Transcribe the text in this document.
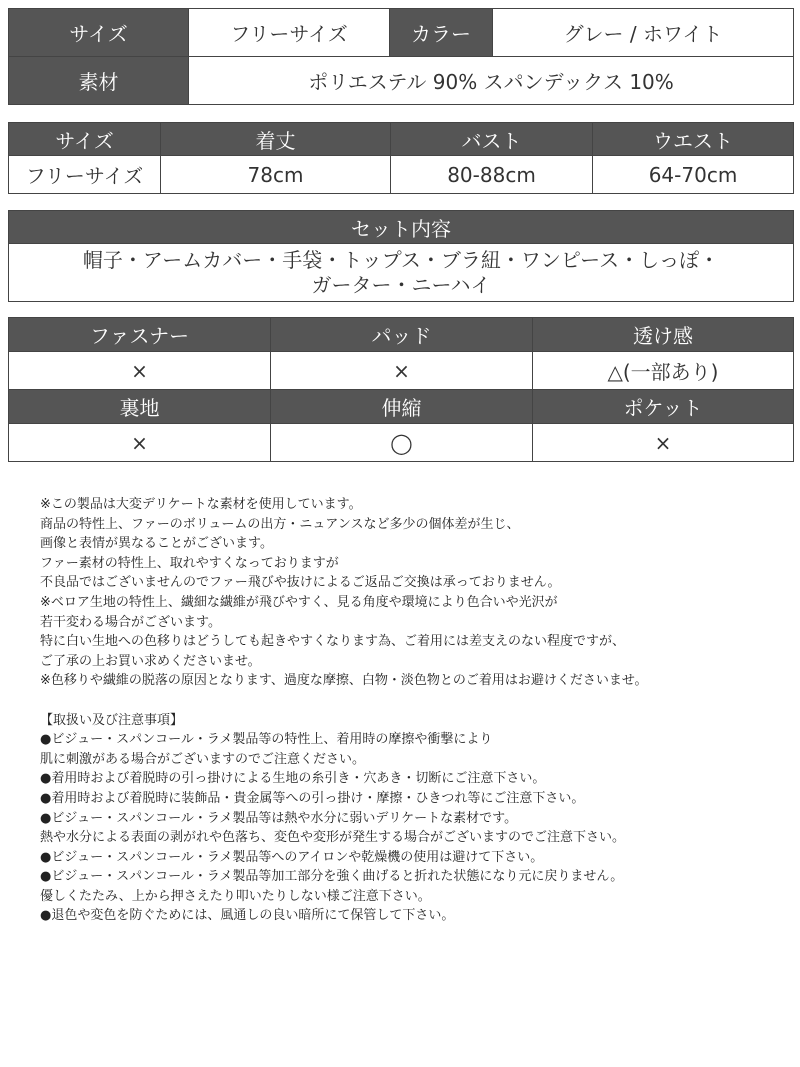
サイズ	フリーサイズ	カラー	グレー / ホワイト
素材	ポリエステル 90% スパンデックス 10%		
サイズ	着丈	バスト	ウエスト
フリーサイズ	78cm	80-88cm	64-70cm
セット内容

帽子・アームカバー・手袋・トップス・ブラ紐・ワンピース・しっぽ・
ガーター・ニーハイ
ファスナー	パッド	透け感
×	×	△(一部あり)
裏地	伸縮	ポケット
×	◯	×
※この製品は大変デリケートな素材を使用しています。
商品の特性上、ファーのボリュームの出方・ニュアンスなど多少の個体差が生じ、
画像と表情が異なることがございます。
ファー素材の特性上、取れやすくなっておりますが
不良品ではございませんのでファー飛びや抜けによるご返品ご交換は承っておりません。
※ベロア生地の特性上、繊細な繊維が飛びやすく、見る角度や環境により色合いや光沢が
若干変わる場合がございます。
特に白い生地への色移りはどうしても起きやすくなります為、ご着用には差支えのない程度ですが、
ご了承の上お買い求めくださいませ。
※色移りや繊維の脱落の原因となります、過度な摩擦、白物・淡色物とのご着用はお避けくださいませ。
【取扱い及び注意事項】
●ビジュー・スパンコール・ラメ製品等の特性上、着用時の摩擦や衝撃により
肌に刺激がある場合がございますのでご注意ください。
●着用時および着脱時の引っ掛けによる生地の糸引き・穴あき・切断にご注意下さい。
●着用時および着脱時に装飾品・貴金属等への引っ掛け・摩擦・ひきつれ等にご注意下さい。
●ビジュー・スパンコール・ラメ製品等は熱や水分に弱いデリケートな素材です。
熱や水分による表面の剥がれや色落ち、変色や変形が発生する場合がございますのでご注意下さい。
●ビジュー・スパンコール・ラメ製品等へのアイロンや乾燥機の使用は避けて下さい。
●ビジュー・スパンコール・ラメ製品等加工部分を強く曲げると折れた状態になり元に戻りません。
優しくたたみ、上から押さえたり叩いたりしない様ご注意下さい。
●退色や変色を防ぐためには、風通しの良い暗所にて保管して下さい。
